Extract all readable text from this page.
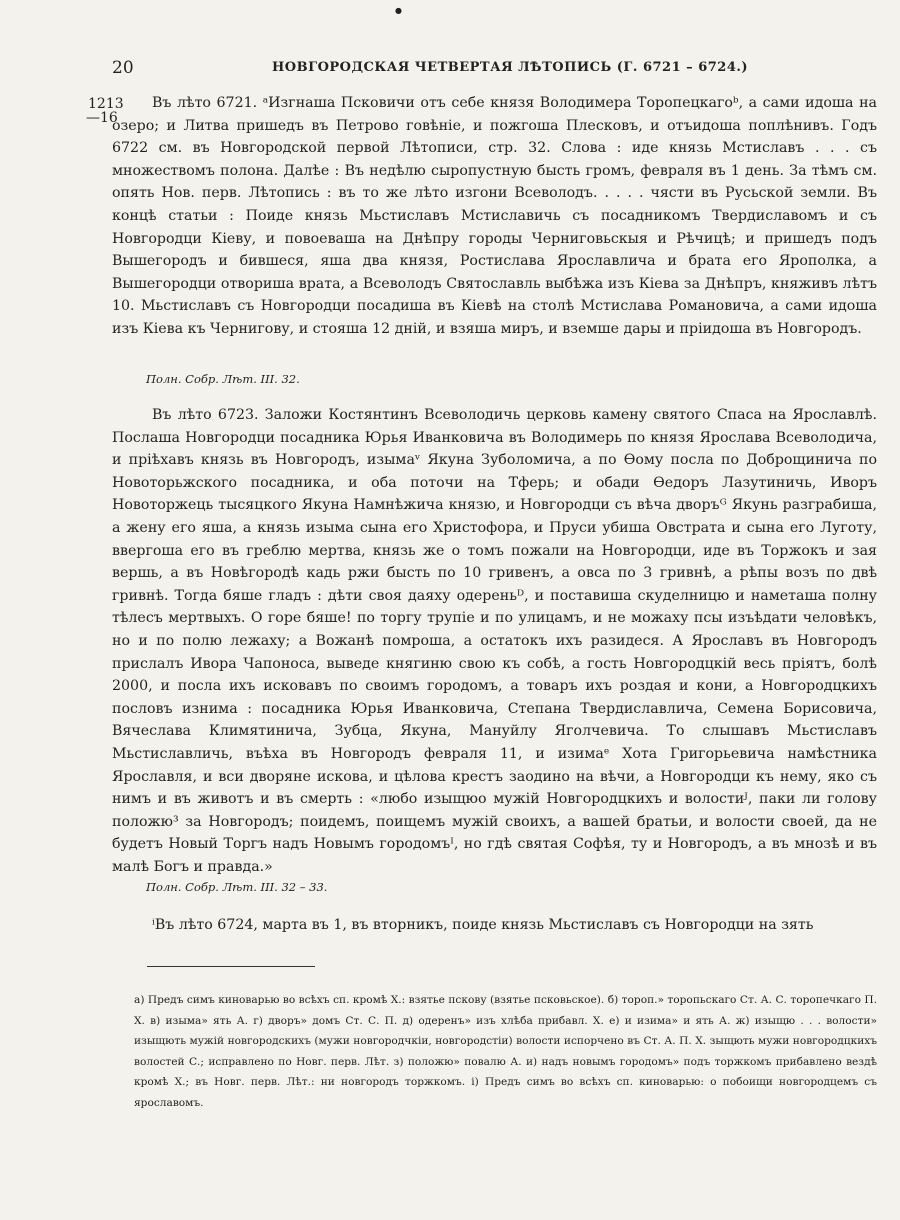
●
20	НОВГОРОДСКАЯ ЧЕТВЕРТАЯ ЛѢТОПИСЬ (Г. 6721 – 6724.)
1213
—16

Въ лѣто 6721. ᵃИзгнаша Псковичи отъ себе князя Володимера Торопецкагоᵇ, а сами идоша на озеро; и Литва пришедъ въ Петрово говѣніе, и пожгоша Плесковъ, и отъидоша поплѣнивъ. Годъ 6722 см. въ Новгородской первой Лѣтописи, стр. 32. Слова : иде князь Мстиславъ . . . съ множествомъ полона. Далѣе : Въ недѣлю сыропустную бысть громъ, февраля въ 1 день. За тѣмъ см. опять Нов. перв. Лѣтопись : въ то же лѣто изгони Всеволодъ. . . . . чясти въ Русьской земли. Въ концѣ статьи : Поиде князь Мьстиславъ Мстиславичь съ посадникомъ Твердиславомъ и съ Новгородци Кіеву, и повоеваша на Днѣпру городы Черниговьскыя и Рѣчицѣ; и пришедъ подъ Вышегородъ и бившеся, яша два князя, Ростислава Ярославлича и брата его Ярополка, а Вышегородци отвориша врата, а Всеволодъ Святославль выбѣжа изъ Кіева за Днѣпръ, княживъ лѣтъ 10. Мьстиславъ съ Новгородци посадиша въ Кіевѣ на столѣ Мстислава Романовича, а сами идоша изъ Кіева къ Чернигову, и стояша 12 дній, и взяша миръ, и вземше дары и пріидоша въ Новгородъ.

Полн. Собр. Лѣт. III. 32.

Въ лѣто 6723. Заложи Костянтинъ Всеволодичь церковь камену святого Спаса на Ярославлѣ. Послаша Новгородци посадника Юрья Иванковича въ Володимерь по князя Ярослава Всеволодича, и пріѣхавъ князь въ Новгородъ, изымаᵛ Якуна Зуболомича, а по Ѳому посла по Доброщинича по Новоторьжского посадника, и оба поточи на Тферь; и обади Ѳедоръ Лазутиничь, Иворъ Новоторжець тысяцкого Якуна Намнѣжича князю, и Новгородци съ вѣча дворъᴳ Якунь разграбиша, а жену его яша, а князь изыма сына его Христофора, и Пруси убиша Овстрата и сына его Луготу, ввергоша его въ греблю мертва, князь же о томъ пожали на Новгородци, иде въ Торжокъ и зая вершь, а въ Новѣгородѣ кадь ржи бысть по 10 гривенъ, а овса по 3 гривнѣ, а рѣпы возъ по двѣ гривнѣ. Тогда бяше гладъ : дѣти своя даяху одереньᴰ, и поставиша скуделницю и наметаша полну тѣлесъ мертвыхъ. О горе бяше! по торгу трупіе и по улицамъ, и не можаху псы изъѣдати человѣкъ, но и по полю лежаху; а Вожанѣ помроша, а остатокъ ихъ разидеся. А Ярославъ въ Новгородъ прислалъ Ивора Чапоноса, выведе княгиню свою къ собѣ, а гость Новгородцкій весь пріятъ, болѣ 2000, и посла ихъ исковавъ по своимъ городомъ, а товаръ ихъ роздая и кони, а Новгородцкихъ пословъ изнима : посадника Юрья Иванковича, Степана Твердиславлича, Семена Борисовича, Вячеслава Климятинича, Зубца, Якуна, Мануйлу Яголчевича. То слышавъ Мьстиславъ Мьстиславличь, въѣха въ Новгородъ февраля 11, и изимаᵉ Хота Григорьевича намѣстника Ярославля, и вси дворяне искова, и цѣлова крестъ заодино на вѣчи, а Новгородци къ нему, яко съ нимъ и въ животъ и въ смерть : «любо изыщюо мужій Новгородцкихъ и волостиᴶ, паки ли голову положю³ за Новгородъ; поидемъ, поищемъ мужій своихъ, а вашей братьи, и волости своей, да не будетъ Новый Торгъ надъ Новымъ городомъᴵ, но гдѣ святая Софѣя, ту и Новгородъ, а въ мнозѣ и въ малѣ Богъ и правда.»

Полн. Собр. Лѣт. III. 32 – 33.

ⁱВъ лѣто 6724, марта въ 1, въ вторникъ, поиде князь Мьстиславъ съ Новгородци на зять

а) Предъ симъ киноварью во всѣхъ сп. кромѣ Х.: взятье пскову (взятье псковьское). б) тороп.» торопьскаго Ст. А. С. торопечкаго П. Х. в) изыма» ять А. г) дворъ» домъ Ст. С. П. д) одеренъ» изъ хлѣба прибавл. Х. е) и изима» и ять А. ж) изыщю . . . волости» изыщють мужій новгородскихъ (мужи новгородчкіи, новгородстіи) волости испорчено въ Ст. А. П. Х. зыщють мужи новгородцкихъ волостей С.; исправлено по Новг. перв. Лѣт. з) положю» повалю А. и) надъ новымъ городомъ» подъ торжкомъ прибавлено вездѣ кромѣ Х.; въ Новг. перв. Лѣт.: ни новгородъ торжкомъ. і) Предъ симъ во всѣхъ сп. киноварью: о побоищи новгородцемъ съ ярославомъ.
